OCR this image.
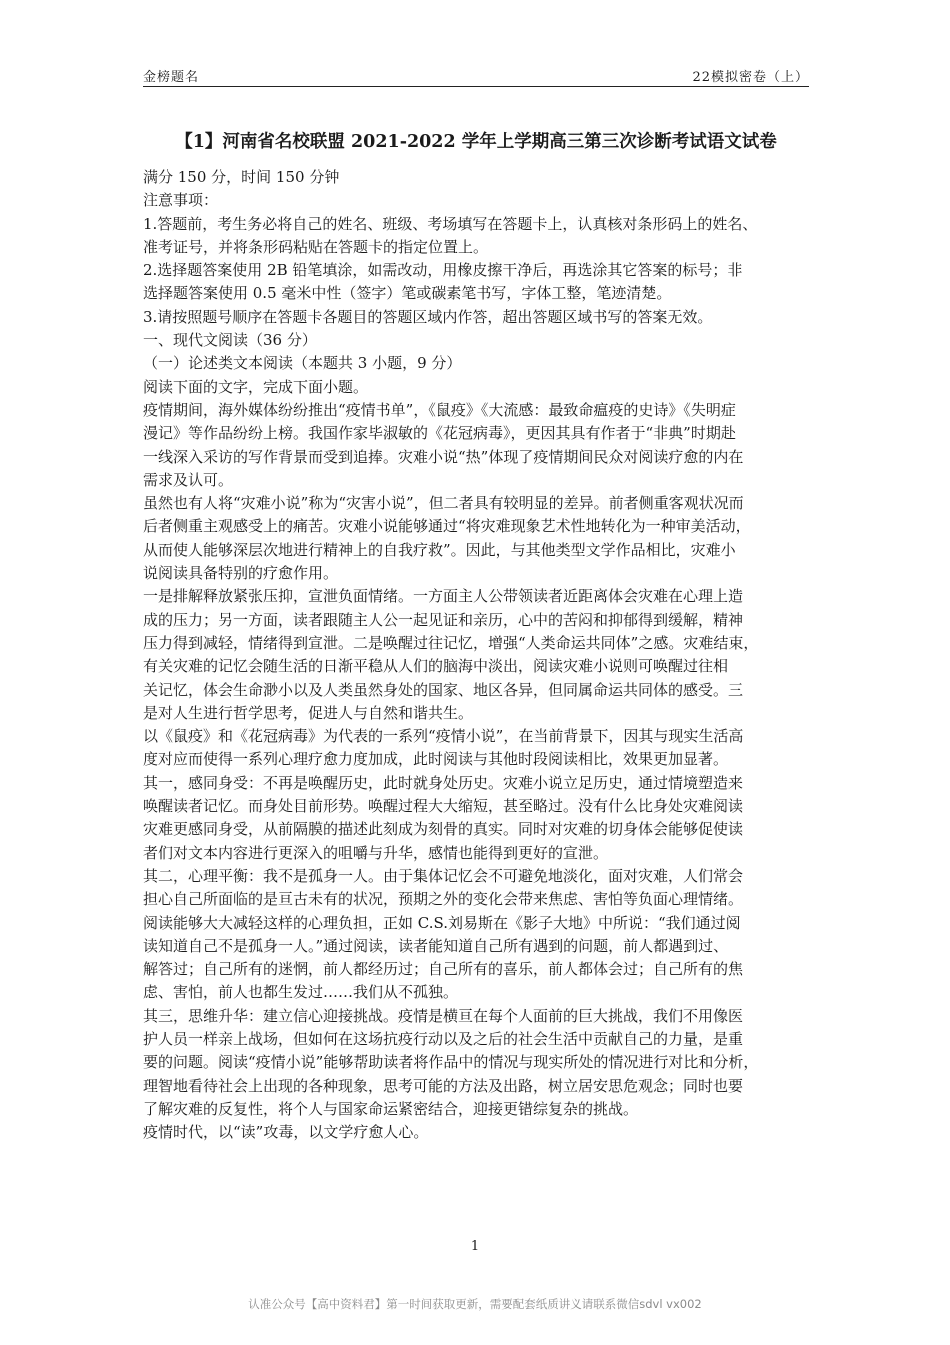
金榜题名	22模拟密卷（上）
【1】河南省名校联盟 2021-2022 学年上学期高三第三次诊断考试语文试卷
满分 150 分，时间 150 分钟
注意事项：
1.答题前，考生务必将自己的姓名、班级、考场填写在答题卡上，认真核对条形码上的姓名、
准考证号，并将条形码粘贴在答题卡的指定位置上。
2.选择题答案使用 2B 铅笔填涂，如需改动，用橡皮擦干净后，再选涂其它答案的标号；非
选择题答案使用 0.5 毫米中性（签字）笔或碳素笔书写，字体工整，笔迹清楚。
3.请按照题号顺序在答题卡各题目的答题区域内作答，超出答题区域书写的答案无效。
一、现代文阅读（36 分）
（一）论述类文本阅读（本题共 3 小题，9 分）
阅读下面的文字，完成下面小题。
疫情期间，海外媒体纷纷推出“疫情书单”，《鼠疫》《大流感：最致命瘟疫的史诗》《失明症
漫记》等作品纷纷上榜。我国作家毕淑敏的《花冠病毒》，更因其具有作者于“非典”时期赴
一线深入采访的写作背景而受到追捧。灾难小说“热”体现了疫情期间民众对阅读疗愈的内在
需求及认可。
虽然也有人将“灾难小说”称为“灾害小说”，但二者具有较明显的差异。前者侧重客观状况而
后者侧重主观感受上的痛苦。灾难小说能够通过“将灾难现象艺术性地转化为一种审美活动，
从而使人能够深层次地进行精神上的自我疗救”。因此，与其他类型文学作品相比，灾难小
说阅读具备特别的疗愈作用。
一是排解释放紧张压抑，宣泄负面情绪。一方面主人公带领读者近距离体会灾难在心理上造
成的压力；另一方面，读者跟随主人公一起见证和亲历，心中的苦闷和抑郁得到缓解，精神
压力得到减轻，情绪得到宣泄。二是唤醒过往记忆，增强“人类命运共同体”之感。灾难结束，
有关灾难的记忆会随生活的日渐平稳从人们的脑海中淡出，阅读灾难小说则可唤醒过往相
关记忆，体会生命渺小以及人类虽然身处的国家、地区各异，但同属命运共同体的感受。三
是对人生进行哲学思考，促进人与自然和谐共生。
以《鼠疫》和《花冠病毒》为代表的一系列“疫情小说”，在当前背景下，因其与现实生活高
度对应而使得一系列心理疗愈力度加成，此时阅读与其他时段阅读相比，效果更加显著。
其一，感同身受：不再是唤醒历史，此时就身处历史。灾难小说立足历史，通过情境塑造来
唤醒读者记忆。而身处目前形势。唤醒过程大大缩短，甚至略过。没有什么比身处灾难阅读
灾难更感同身受，从前隔膜的描述此刻成为刻骨的真实。同时对灾难的切身体会能够促使读
者们对文本内容进行更深入的咀嚼与升华，感情也能得到更好的宣泄。
其二，心理平衡：我不是孤身一人。由于集体记忆会不可避免地淡化，面对灾难，人们常会
担心自己所面临的是亘古未有的状况，预期之外的变化会带来焦虑、害怕等负面心理情绪。
阅读能够大大减轻这样的心理负担，正如 C.S.刘易斯在《影子大地》中所说：“我们通过阅
读知道自己不是孤身一人。”通过阅读，读者能知道自己所有遇到的问题，前人都遇到过、
解答过；自己所有的迷惘，前人都经历过；自己所有的喜乐，前人都体会过；自己所有的焦
虑、害怕，前人也都生发过……我们从不孤独。
其三，思维升华：建立信心迎接挑战。疫情是横亘在每个人面前的巨大挑战，我们不用像医
护人员一样亲上战场，但如何在这场抗疫行动以及之后的社会生活中贡献自己的力量，是重
要的问题。阅读“疫情小说”能够帮助读者将作品中的情况与现实所处的情况进行对比和分析，
理智地看待社会上出现的各种现象，思考可能的方法及出路，树立居安思危观念；同时也要
了解灾难的反复性，将个人与国家命运紧密结合，迎接更错综复杂的挑战。
疫情时代，以“读”攻毒，以文学疗愈人心。
1
认准公众号【高中资料君】第一时间获取更新，需要配套纸质讲义请联系微信sdvl vx002
